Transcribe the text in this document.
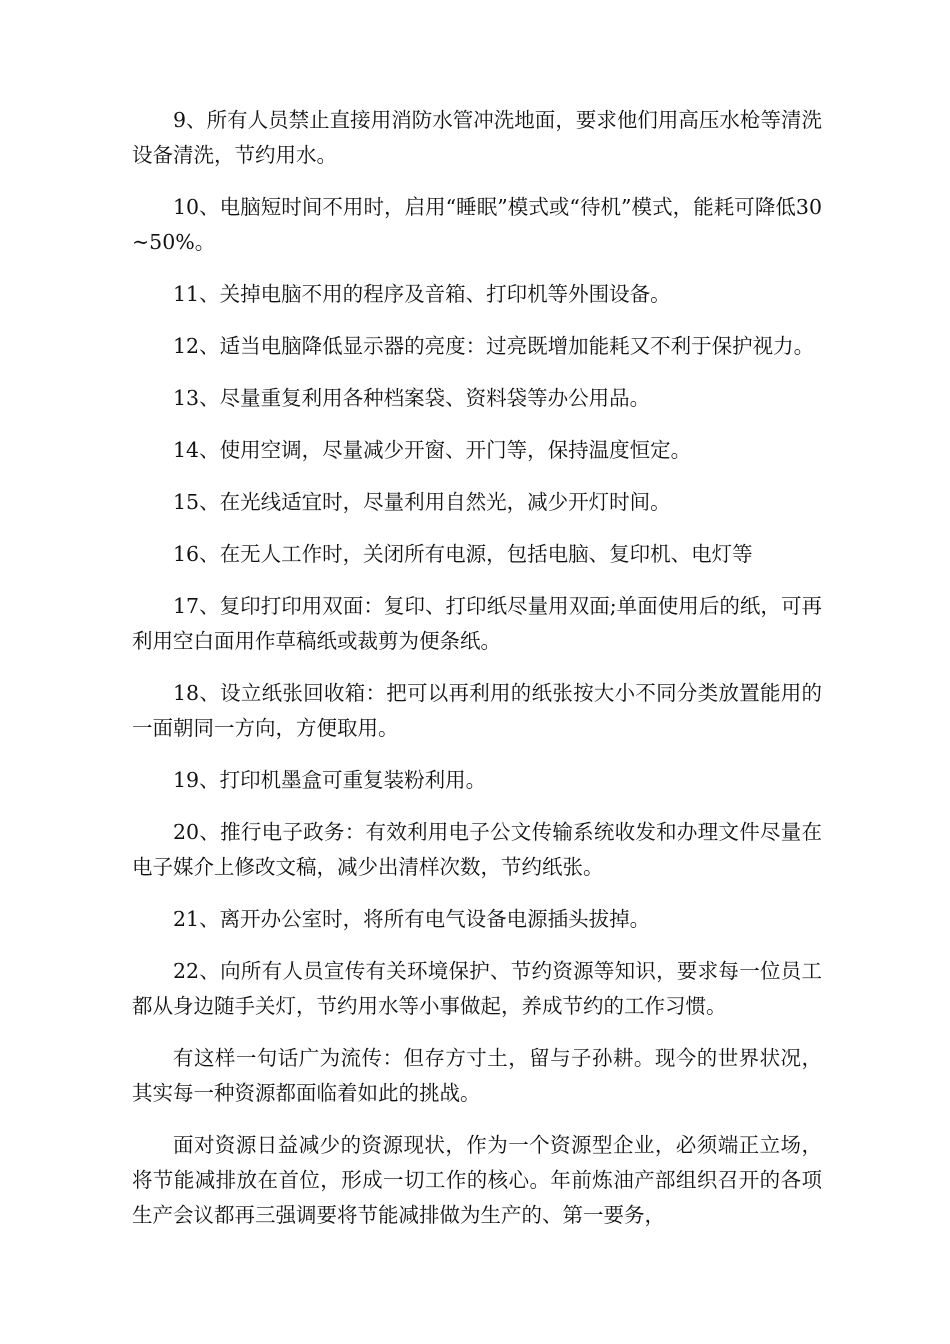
9、所有人员禁止直接用消防水管冲洗地面，要求他们用高压水枪等清洗设备清洗，节约用水。

10、电脑短时间不用时，启用“睡眠”模式或“待机”模式，能耗可降低30~50%。

11、关掉电脑不用的程序及音箱、打印机等外围设备。

12、适当电脑降低显示器的亮度：过亮既增加能耗又不利于保护视力。

13、尽量重复利用各种档案袋、资料袋等办公用品。

14、使用空调，尽量减少开窗、开门等，保持温度恒定。

15、在光线适宜时，尽量利用自然光，减少开灯时间。

16、在无人工作时，关闭所有电源，包括电脑、复印机、电灯等

17、复印打印用双面：复印、打印纸尽量用双面;单面使用后的纸，可再利用空白面用作草稿纸或裁剪为便条纸。

18、设立纸张回收箱：把可以再利用的纸张按大小不同分类放置能用的一面朝同一方向，方便取用。

19、打印机墨盒可重复装粉利用。

20、推行电子政务：有效利用电子公文传输系统收发和办理文件尽量在电子媒介上修改文稿，减少出清样次数，节约纸张。

21、离开办公室时，将所有电气设备电源插头拔掉。

22、向所有人员宣传有关环境保护、节约资源等知识，要求每一位员工都从身边随手关灯，节约用水等小事做起，养成节约的工作习惯。

有这样一句话广为流传：但存方寸土，留与子孙耕。现今的世界状况，其实每一种资源都面临着如此的挑战。

面对资源日益减少的资源现状，作为一个资源型企业，必须端正立场，将节能减排放在首位，形成一切工作的核心。年前炼油产部组织召开的各项生产会议都再三强调要将节能减排做为生产的、第一要务，
